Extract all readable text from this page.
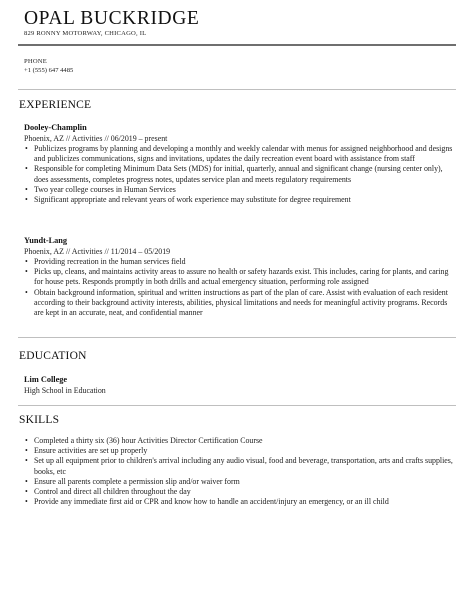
OPAL BUCKRIDGE
829 RONNY MOTORWAY, CHICAGO, IL
PHONE
+1 (555) 647 4485
EXPERIENCE
Dooley-Champlin
Phoenix, AZ // Activities // 06/2019 – present
• Publicizes programs by planning and developing a monthly and weekly calendar with menus for assigned neighborhood and designs and publicizes communications, signs and invitations, updates the daily recreation event board with assistance from staff
• Responsible for completing Minimum Data Sets (MDS) for initial, quarterly, annual and significant change (nursing center only), does assessments, completes progress notes, updates service plan and meets regulatory requirements
• Two year college courses in Human Services
• Significant appropriate and relevant years of work experience may substitute for degree requirement
Yundt-Lang
Phoenix, AZ // Activities // 11/2014 – 05/2019
• Providing recreation in the human services field
• Picks up, cleans, and maintains activity areas to assure no health or safety hazards exist. This includes, caring for plants, and caring for house pets. Responds promptly in both drills and actual emergency situation, performing role assigned
• Obtain background information, spiritual and written instructions as part of the plan of care. Assist with evaluation of each resident according to their background activity interests, abilities, physical limitations and needs for meaningful activity programs. Records are kept in an accurate, neat, and confidential manner
EDUCATION
Lim College
High School in Education
SKILLS
• Completed a thirty six (36) hour Activities Director Certification Course
• Ensure activities are set up properly
• Set up all equipment prior to children's arrival including any audio visual, food and beverage, transportation, arts and crafts supplies, books, etc
• Ensure all parents complete a permission slip and/or waiver form
• Control and direct all children throughout the day
• Provide any immediate first aid or CPR and know how to handle an accident/injury an emergency, or an ill child
